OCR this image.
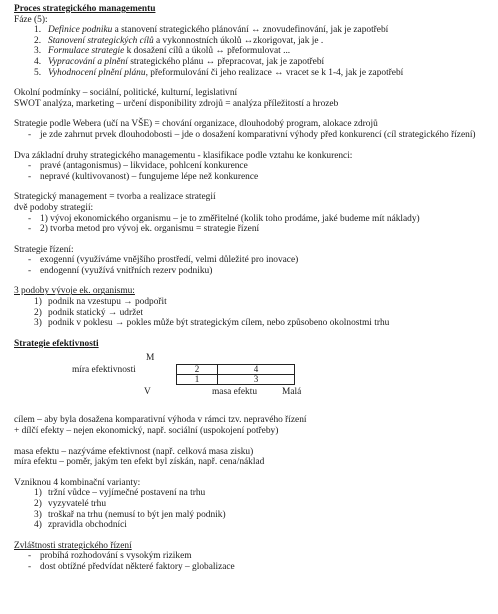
Proces strategického managementu
Fáze (5):
1. Definice podniku a stanovení strategického plánování ↔ znovudefinování, jak je zapotřebí
2. Stanovení strategických cílů a vykonnostních úkolů ↔zkorigovat, jak je .
3. Formulace strategie k dosažení cílů a úkolů ↔ přeformulovat ...
4. Vypracování a plnění strategického plánu ↔ přepracovat, jak je zapotřebí
5. Vyhodnocení plnění plánu, přeformulování či jeho realizace ↔ vracet se k 1-4, jak je zapotřebí
Okolní podmínky – sociální, politické, kulturní, legislativní
SWOT analýza, marketing – určení disponibility zdrojů = analýza příležitostí a hrozeb
Strategie podle Webera (učí na VŠE) = chování organizace, dlouhodobý program, alokace zdrojů
- je zde zahrnut prvek dlouhodobosti – jde o dosažení komparativní výhody před konkurencí (cíl strategického řízení)
Dva základní druhy strategického managementu - klasifikace podle vztahu ke konkurenci:
- pravé (antagonismus) – likvidace, pohlcení konkurence
- nepravé (kultivovanost) – fungujeme lépe než konkurence
Strategický management = tvorba a realizace strategií
dvě podoby strategií:
- 1) vývoj ekonomického organismu – je to změřitelné (kolik toho prodáme, jaké budeme mít náklady)
- 2) tvorba metod pro vývoj ek. organismu = strategie řízení
Strategie řízení:
- exogenní (využíváme vnějšího prostředí, velmi důležité pro inovace)
- endogenní (využívá vnitřních rezerv podniku)
3 podoby vývoje ek. organismu:
1) podnik na vzestupu → podpořit
2) podnik statický → udržet
3) podnik v poklesu → pokles může být strategickým cílem, nebo způsobeno okolnostmi trhu
Strategie efektivnosti
M
míra efektivnosti	2	4
1	3
V	masa efektu	Malá
cílem – aby byla dosažena komparativní výhoda v rámci tzv. nepravého řízení
+ dílčí efekty – nejen ekonomický, např. sociální (uspokojení potřeby)
masa efektu – nazýváme efektivnost (např. celková masa zisku)
míra efektu – poměr, jakým ten efekt byl získán, např. cena/náklad
Vzniknou 4 kombinační varianty:
1) tržní vůdce – vyjímečné postavení na trhu
2) vyzyvatelé trhu
3) troškař na trhu (nemusí to být jen malý podnik)
4) zpravidla obchodníci
Zvláštnosti strategického řízení
- probíhá rozhodování s vysokým rizikem
- dost obtížné předvídat některé faktory – globalizace
